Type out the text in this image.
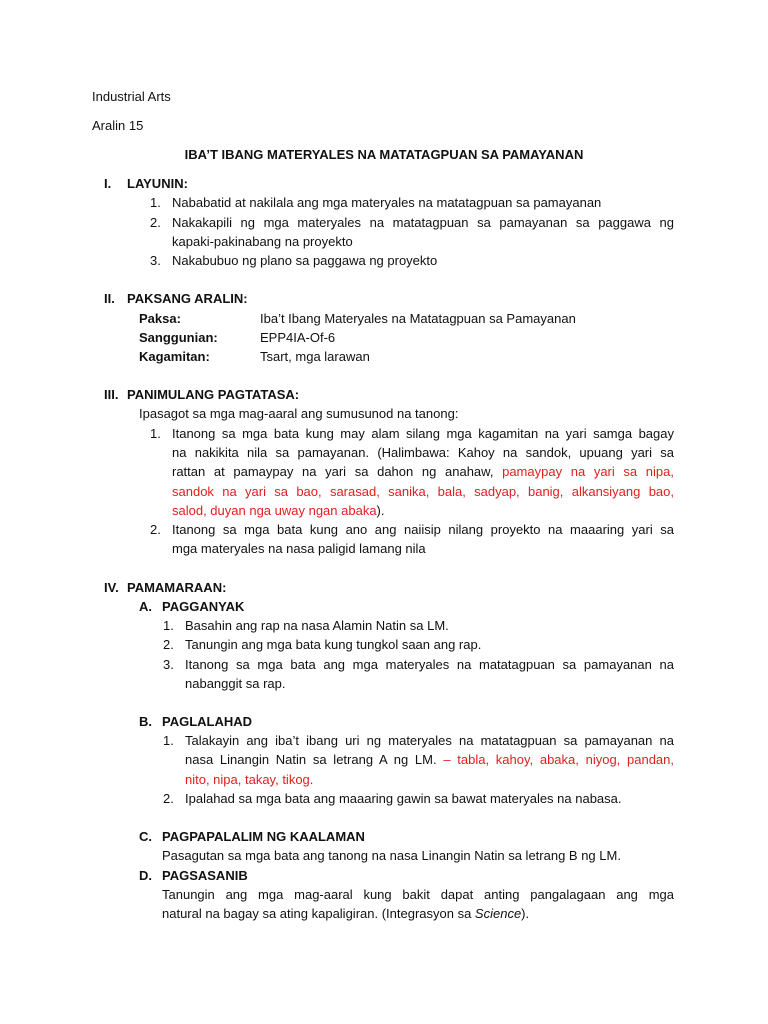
Industrial Arts
Aralin 15
IBA’T IBANG MATERYALES NA MATATAGPUAN SA PAMAYANAN
I. LAYUNIN:
1. Nababatid at nakilala ang mga materyales na matatagpuan sa pamayanan
2. Nakakapili ng mga materyales na matatagpuan sa pamayanan sa paggawa ng
kapaki-pakinabang na proyekto
3. Nakabubuo ng plano sa paggawa ng proyekto
II. PAKSANG ARALIN:
Paksa:	Iba’t Ibang Materyales na Matatagpuan sa Pamayanan
Sanggunian:	EPP4IA-Of-6
Kagamitan:	Tsart, mga larawan
III. PANIMULANG PAGTATASA:
Ipasagot sa mga mag-aaral ang sumusunod na tanong:
1. Itanong sa mga bata kung may alam silang mga kagamitan na yari samga bagay
na nakikita nila sa pamayanan. (Halimbawa: Kahoy na sandok, upuang yari sa
rattan at pamaypay na yari sa dahon ng anahaw, pamaypay na yari sa nipa,
sandok na yari sa bao, sarasad, sanika, bala, sadyap, banig, alkansiyang bao,
salod, duyan nga uway ngan abaka).
2. Itanong sa mga bata kung ano ang naiisip nilang proyekto na maaaring yari sa
mga materyales na nasa paligid lamang nila
IV. PAMAMARAAN:
A. PAGGANYAK
1. Basahin ang rap na nasa Alamin Natin sa LM.
2. Tanungin ang mga bata kung tungkol saan ang rap.
3. Itanong sa mga bata ang mga materyales na matatagpuan sa pamayanan na
nabanggit sa rap.
B. PAGLALAHAD
1. Talakayin ang iba’t ibang uri ng materyales na matatagpuan sa pamayanan na
nasa Linangin Natin sa letrang A ng LM. – tabla, kahoy, abaka, niyog, pandan,
nito, nipa, takay, tikog.
2. Ipalahad sa mga bata ang maaaring gawin sa bawat materyales na nabasa.
C. PAGPAPALALIM NG KAALAMAN
Pasagutan sa mga bata ang tanong na nasa Linangin Natin sa letrang B ng LM.
D. PAGSASANIB
Tanungin ang mga mag-aaral kung bakit dapat anting pangalagaan ang mga
natural na bagay sa ating kapaligiran. (Integrasyon sa Science).
